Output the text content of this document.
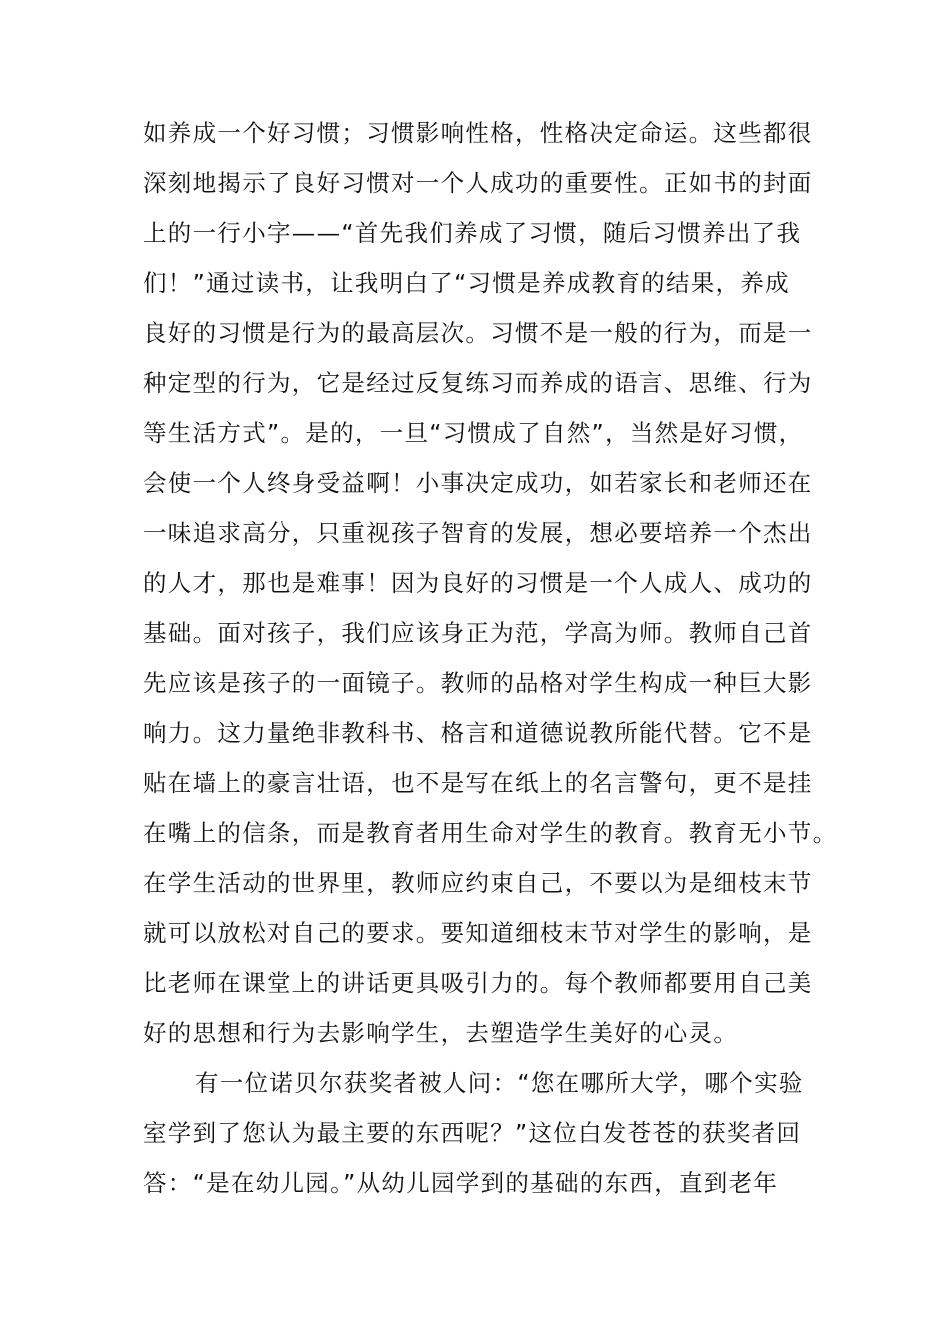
如养成一个好习惯；习惯影响性格，性格决定命运。这些都很
深刻地揭示了良好习惯对一个人成功的重要性。正如书的封面
上的一行小字——“首先我们养成了习惯，随后习惯养出了我
们！”通过读书，让我明白了“习惯是养成教育的结果，养成
良好的习惯是行为的最高层次。习惯不是一般的行为，而是一
种定型的行为，它是经过反复练习而养成的语言、思维、行为
等生活方式”。是的，一旦“习惯成了自然”，当然是好习惯，
会使一个人终身受益啊！小事决定成功，如若家长和老师还在
一味追求高分，只重视孩子智育的发展，想必要培养一个杰出
的人才，那也是难事！因为良好的习惯是一个人成人、成功的
基础。面对孩子，我们应该身正为范，学高为师。教师自己首
先应该是孩子的一面镜子。教师的品格对学生构成一种巨大影
响力。这力量绝非教科书、格言和道德说教所能代替。它不是
贴在墙上的豪言壮语，也不是写在纸上的名言警句，更不是挂
在嘴上的信条，而是教育者用生命对学生的教育。教育无小节。
在学生活动的世界里，教师应约束自己，不要以为是细枝末节
就可以放松对自己的要求。要知道细枝末节对学生的影响，是
比老师在课堂上的讲话更具吸引力的。每个教师都要用自己美
好的思想和行为去影响学生，去塑造学生美好的心灵。
有一位诺贝尔获奖者被人问：“您在哪所大学，哪个实验
室学到了您认为最主要的东西呢？”这位白发苍苍的获奖者回
答：“是在幼儿园。”从幼儿园学到的基础的东西，直到老年
